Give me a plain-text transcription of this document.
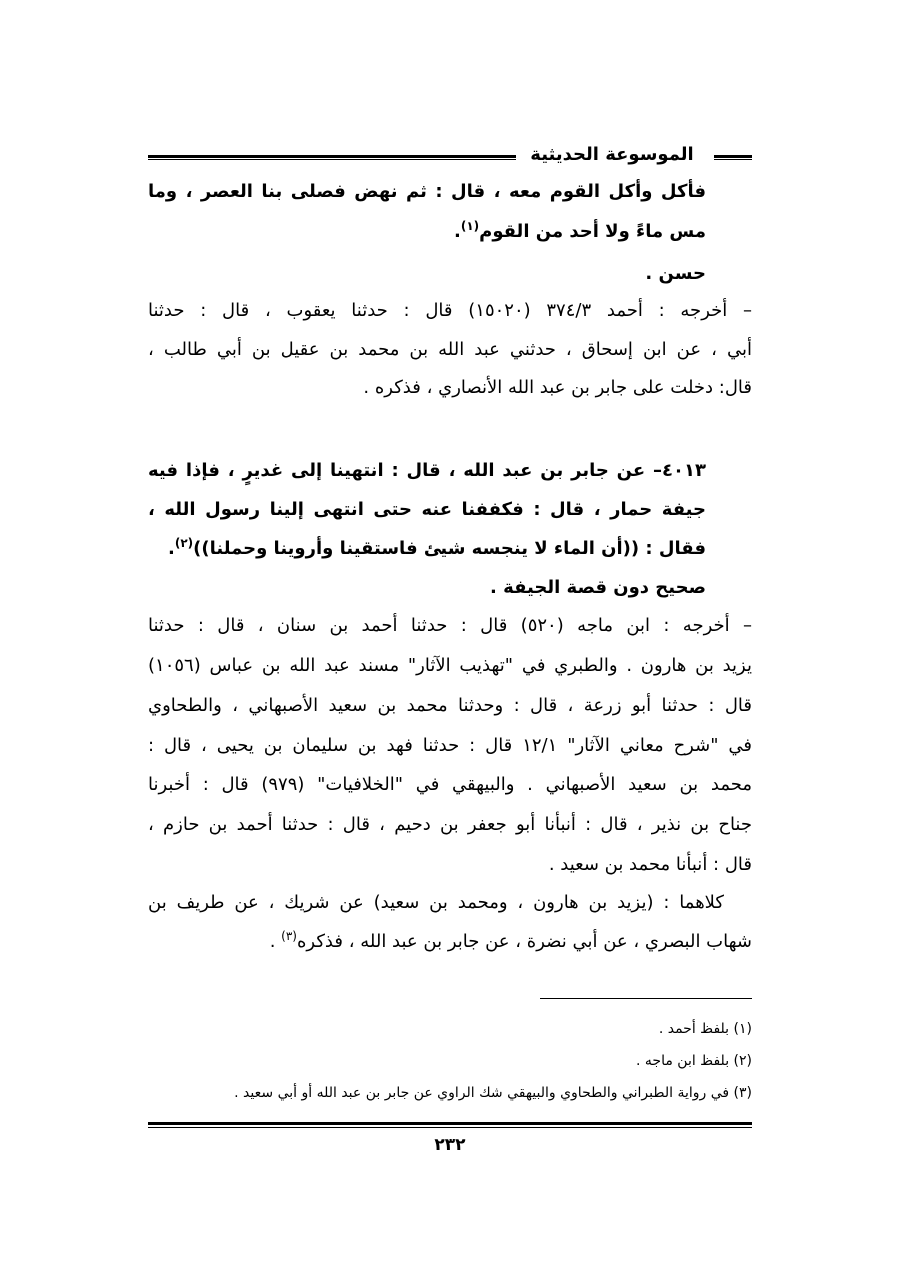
الموسوعة الحديثية
فأكل وأكل القوم معه ، قال : ثم نهض فصلى بنا العصر ، وما
مس ماءً ولا أحد من القوم$^{(١)}$.
حسن .
– أخرجه : أحمد ٣٧٤/٣ (١٥٠٢٠) قال : حدثنا يعقوب ، قال : حدثنا
أبي ، عن ابن إسحاق ، حدثني عبد الله بن محمد بن عقيل بن أبي طالب ،
قال: دخلت على جابر بن عبد الله الأنصاري ، فذكره .
٤٠١٣– عن جابر بن عبد الله ، قال : انتهينا إلى غديرٍ ، فإذا فيه
جيفة حمار ، قال : فكففنا عنه حتى انتهى إلينا رسول الله ،
فقال : ((أن الماء لا ينجسه شيئ فاستقينا وأروينا وحملنا))$^{(٢)}$.
صحيح دون قصة الجيفة .
– أخرجه : ابن ماجه (٥٢٠) قال : حدثنا أحمد بن سنان ، قال : حدثنا
يزيد بن هارون . والطبري في "تهذيب الآثار" مسند عبد الله بن عباس (١٠٥٦)
قال : حدثنا أبو زرعة ، قال : وحدثنا محمد بن سعيد الأصبهاني ، والطحاوي
في "شرح معاني الآثار" ١٢/١ قال : حدثنا فهد بن سليمان بن يحيى ، قال :
محمد بن سعيد الأصبهاني . والبيهقي في "الخلافيات" (٩٧٩) قال : أخبرنا
جناح بن نذير ، قال : أنبأنا أبو جعفر بن دحيم ، قال : حدثنا أحمد بن حازم ،
قال : أنبأنا محمد بن سعيد .
كلاهما : (يزيد بن هارون ، ومحمد بن سعيد) عن شريك ، عن طريف بن
شهاب البصري ، عن أبي نضرة ، عن جابر بن عبد الله ، فذكره$^{(٣)}$ .
(١) بلفظ أحمد .
(٢) بلفظ ابن ماجه .
(٣) في رواية الطبراني والطحاوي والبيهقي شك الراوي عن جابر بن عبد الله أو أبي سعيد .
٢٣٢
